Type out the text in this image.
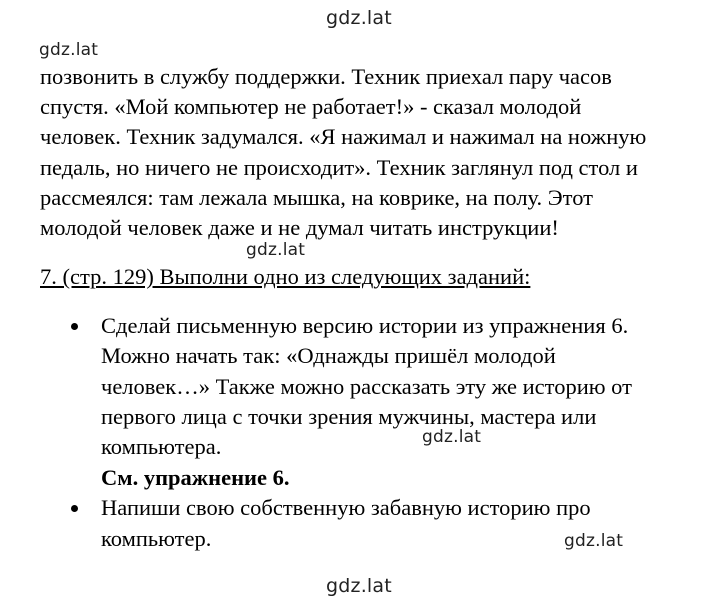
gdz.lat
gdz.lat
позвонить в службу поддержки. Техник приехал пару часов
спустя. «Мой компьютер не работает!» - сказал молодой
человек. Техник задумался. «Я нажимал и нажимал на ножную
педаль, но ничего не происходит». Техник заглянул под стол и
рассмеялся: там лежала мышка, на коврике, на полу. Этот
молодой человек даже и не думал читать инструкции!
gdz.lat
7. (стр. 129) Выполни одно из следующих заданий:
Сделай письменную версию истории из упражнения 6.
Можно начать так: «Однажды пришёл молодой
человек…» Также можно рассказать эту же историю от
первого лица с точки зрения мужчины, мастера или
компьютера.
См. упражнение 6.
Напиши свою собственную забавную историю про
компьютер.
gdz.lat
gdz.lat
gdz.lat
